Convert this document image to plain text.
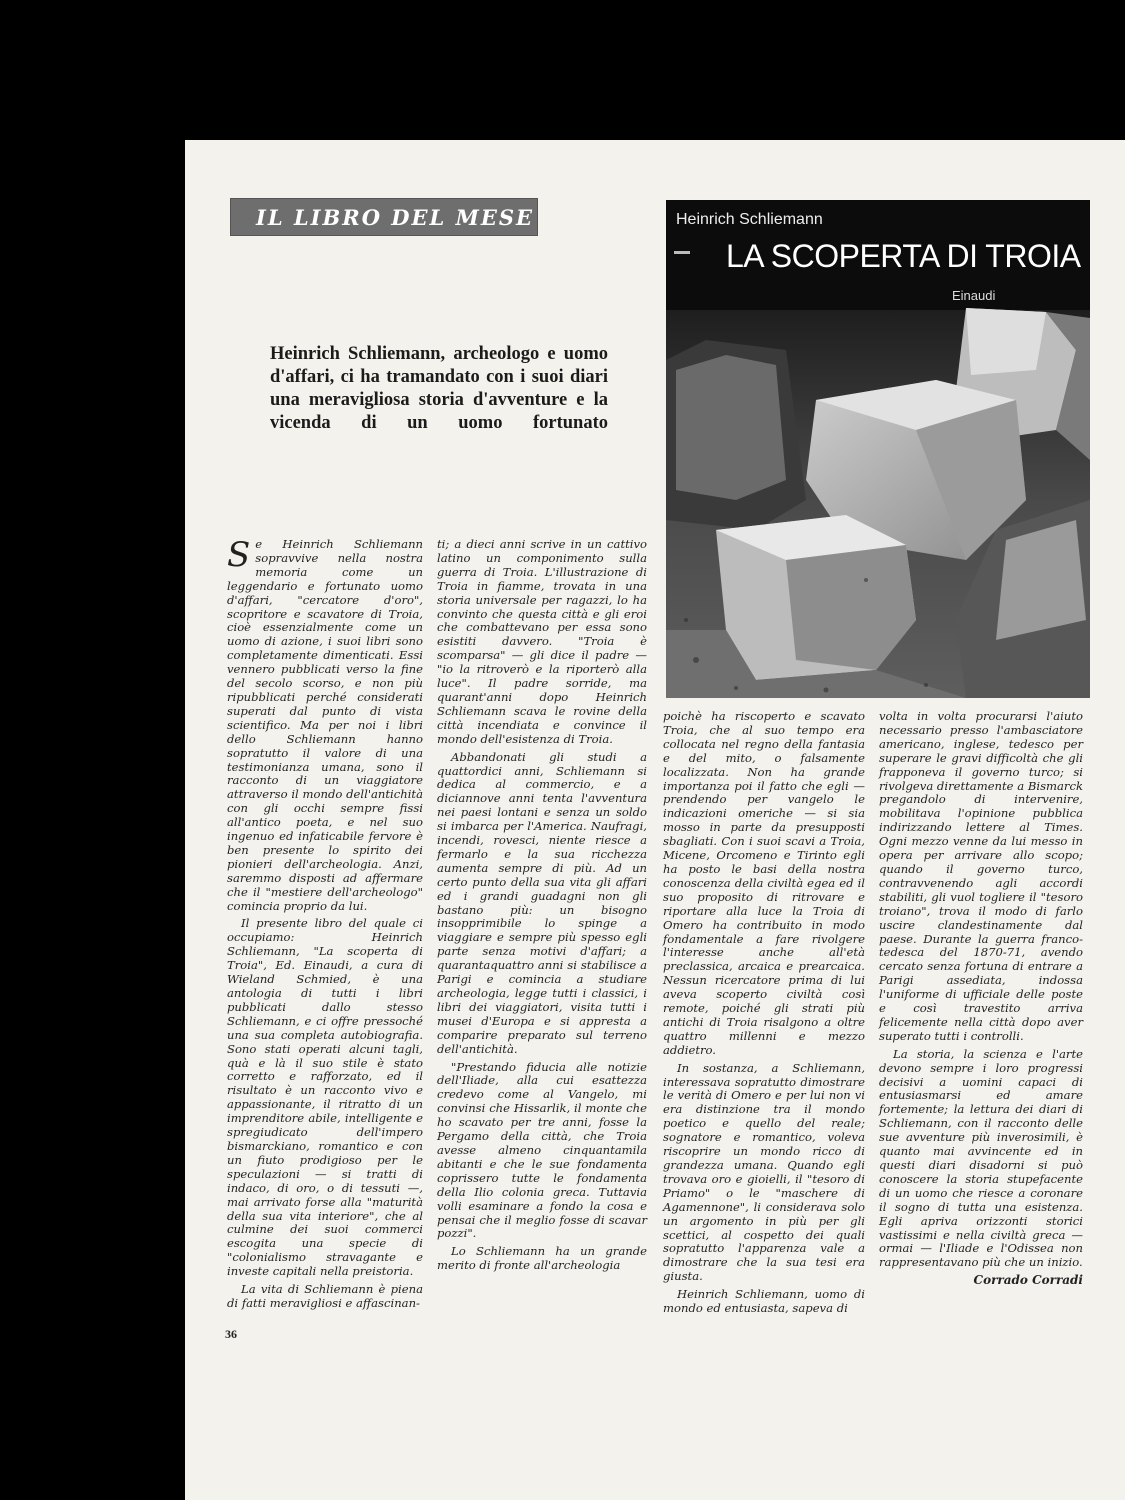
IL LIBRO DEL MESE	Heinrich Schliemann
LA SCOPERTA DI TROIA
Einaudi
Heinrich Schliemann, archeologo e uomo d'affari, ci ha tramandato con i suoi diari una meravigliosa storia d'avventure e la vicenda di un uomo fortunato

Se Heinrich Schliemann sopravvive nella nostra memoria come un leggendario e fortunato uomo d'affari, "cercatore d'oro", scopritore e scavatore di Troia, cioè essenzialmente come un uomo di azione, i suoi libri sono completamente dimenticati. Essi vennero pubblicati verso la fine del secolo scorso, e non più ripubblicati perché considerati superati dal punto di vista scientifico. Ma per noi i libri dello Schliemann hanno sopratutto il valore di una testimonianza umana, sono il racconto di un viaggiatore attraverso il mondo dell'antichità con gli occhi sempre fissi all'antico poeta, e nel suo ingenuo ed infaticabile fervore è ben presente lo spirito dei pionieri dell'archeologia. Anzi, saremmo disposti ad affermare che il "mestiere dell'archeologo" comincia proprio da lui.

Il presente libro del quale ci occupiamo: Heinrich Schliemann, "La scoperta di Troia", Ed. Einaudi, a cura di Wieland Schmied, è una antologia di tutti i libri pubblicati dallo stesso Schliemann, e ci offre pressoché una sua completa autobiografia. Sono stati operati alcuni tagli, quà e là il suo stile è stato corretto e rafforzato, ed il risultato è un racconto vivo e appassionante, il ritratto di un imprenditore abile, intelligente e spregiudicato dell'impero bismarckiano, romantico e con un fiuto prodigioso per le speculazioni — si tratti di indaco, di oro, o di tessuti —, mai arrivato forse alla "maturità della sua vita interiore", che al culmine dei suoi commerci escogita una specie di "colonialismo stravagante e investe capitali nella preistoria.

La vita di Schliemann è piena di fatti meravigliosi e affascinan-

ti; a dieci anni scrive in un cattivo latino un componimento sulla guerra di Troia. L'illustrazione di Troia in fiamme, trovata in una storia universale per ragazzi, lo ha convinto che questa città e gli eroi che combattevano per essa sono esistiti davvero. "Troia è scomparsa" — gli dice il padre — "io la ritroverò e la riporterò alla luce". Il padre sorride, ma quarant'anni dopo Heinrich Schliemann scava le rovine della città incendiata e convince il mondo dell'esistenza di Troia.

Abbandonati gli studi a quattordici anni, Schliemann si dedica al commercio, e a diciannove anni tenta l'avventura nei paesi lontani e senza un soldo si imbarca per l'America. Naufragi, incendi, rovesci, niente riesce a fermarlo e la sua ricchezza aumenta sempre di più. Ad un certo punto della sua vita gli affari ed i grandi guadagni non gli bastano più: un bisogno insopprimibile lo spinge a viaggiare e sempre più spesso egli parte senza motivi d'affari; a quarantaquattro anni si stabilisce a Parigi e comincia a studiare archeologia, legge tutti i classici, i libri dei viaggiatori, visita tutti i musei d'Europa e si appresta a comparire preparato sul terreno dell'antichità.

"Prestando fiducia alle notizie dell'Iliade, alla cui esattezza credevo come al Vangelo, mi convinsi che Hissarlik, il monte che ho scavato per tre anni, fosse la Pergamo della città, che Troia avesse almeno cinquantamila abitanti e che le sue fondamenta coprissero tutte le fondamenta della Ilio colonia greca. Tuttavia volli esaminare a fondo la cosa e pensai che il meglio fosse di scavar pozzi".

Lo Schliemann ha un grande merito di fronte all'archeologia

poichè ha riscoperto e scavato Troia, che al suo tempo era collocata nel regno della fantasia e del mito, o falsamente localizzata. Non ha grande importanza poi il fatto che egli — prendendo per vangelo le indicazioni omeriche — si sia mosso in parte da presupposti sbagliati. Con i suoi scavi a Troia, Micene, Orcomeno e Tirinto egli ha posto le basi della nostra conoscenza della civiltà egea ed il suo proposito di ritrovare e riportare alla luce la Troia di Omero ha contribuito in modo fondamentale a fare rivolgere l'interesse anche all'età preclassica, arcaica e prearcaica. Nessun ricercatore prima di lui aveva scoperto civiltà così remote, poiché gli strati più antichi di Troia risalgono a oltre quattro millenni e mezzo addietro.

In sostanza, a Schliemann, interessava sopratutto dimostrare le verità di Omero e per lui non vi era distinzione tra il mondo poetico e quello del reale; sognatore e romantico, voleva riscoprire un mondo ricco di grandezza umana. Quando egli trovava oro e gioielli, il "tesoro di Priamo" o le "maschere di Agamennone", li considerava solo un argomento in più per gli scettici, al cospetto dei quali sopratutto l'apparenza vale a dimostrare che la sua tesi era giusta.

Heinrich Schliemann, uomo di mondo ed entusiasta, sapeva di

volta in volta procurarsi l'aiuto necessario presso l'ambasciatore americano, inglese, tedesco per superare le gravi difficoltà che gli frapponeva il governo turco; si rivolgeva direttamente a Bismarck pregandolo di intervenire, mobilitava l'opinione pubblica indirizzando lettere al Times. Ogni mezzo venne da lui messo in opera per arrivare allo scopo; quando il governo turco, contravvenendo agli accordi stabiliti, gli vuol togliere il "tesoro troiano", trova il modo di farlo uscire clandestinamente dal paese. Durante la guerra franco-tedesca del 1870-71, avendo cercato senza fortuna di entrare a Parigi assediata, indossa l'uniforme di ufficiale delle poste e così travestito arriva felicemente nella città dopo aver superato tutti i controlli.

La storia, la scienza e l'arte devono sempre i loro progressi decisivi a uomini capaci di entusiasmarsi ed amare fortemente; la lettura dei diari di Schliemann, con il racconto delle sue avventure più inverosimili, è quanto mai avvincente ed in questi diari disadorni si può conoscere la storia stupefacente di un uomo che riesce a coronare il sogno di tutta una esistenza. Egli apriva orizzonti storici vastissimi e nella civiltà greca — ormai — l'Iliade e l'Odissea non rappresentavano più che un inizio.

Corrado Corradi
36
